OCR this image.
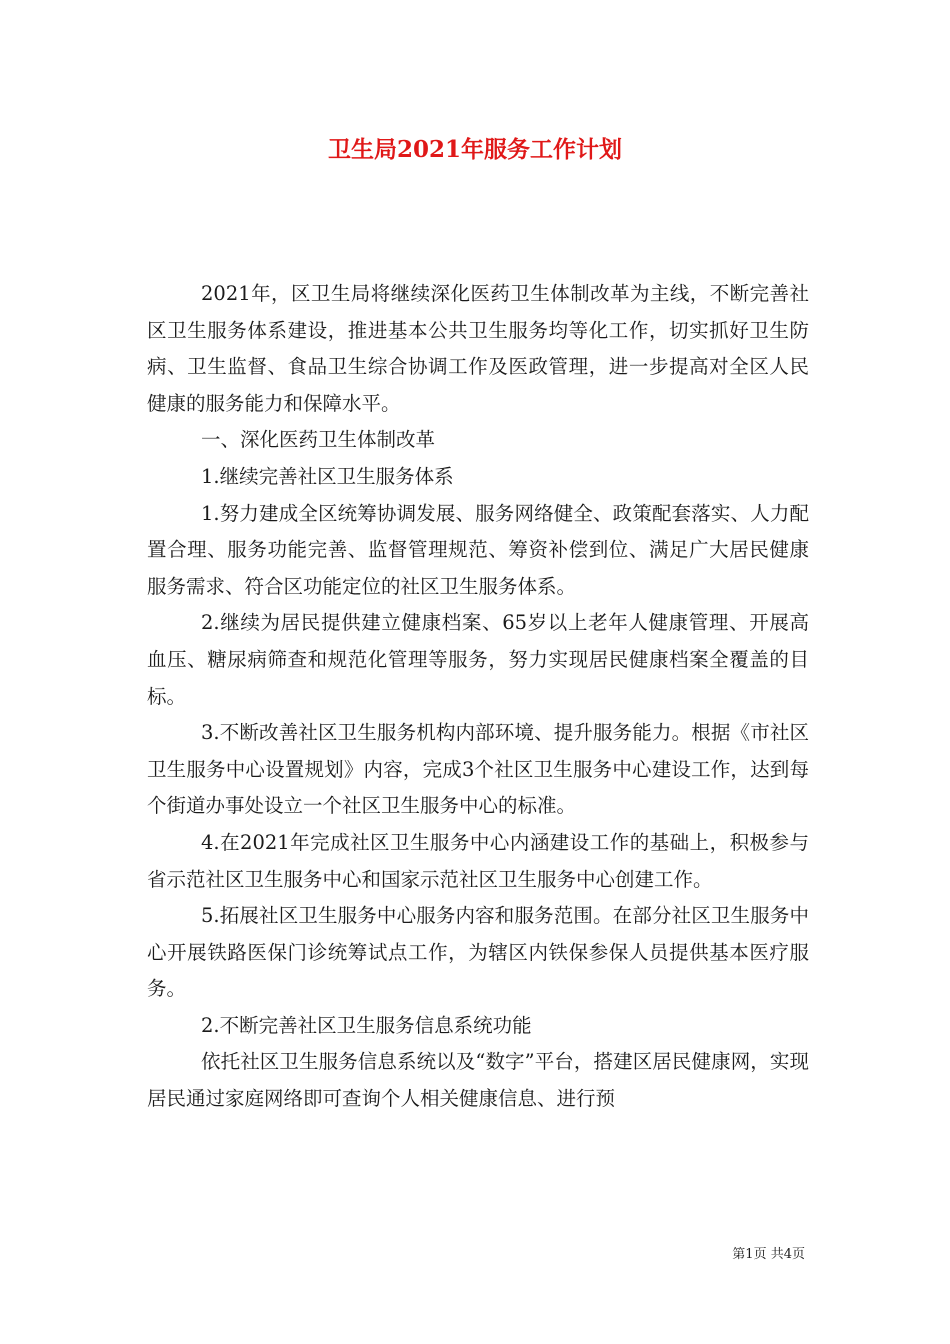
卫生局2021年服务工作计划

2021年，区卫生局将继续深化医药卫生体制改革为主线，不断完善社区卫生服务体系建设，推进基本公共卫生服务均等化工作，切实抓好卫生防病、卫生监督、食品卫生综合协调工作及医政管理，进一步提高对全区人民健康的服务能力和保障水平。

一、深化医药卫生体制改革

1.继续完善社区卫生服务体系

1.努力建成全区统筹协调发展、服务网络健全、政策配套落实、人力配置合理、服务功能完善、监督管理规范、筹资补偿到位、满足广大居民健康服务需求、符合区功能定位的社区卫生服务体系。

2.继续为居民提供建立健康档案、65岁以上老年人健康管理、开展高血压、糖尿病筛查和规范化管理等服务，努力实现居民健康档案全覆盖的目标。

3.不断改善社区卫生服务机构内部环境、提升服务能力。根据《市社区卫生服务中心设置规划》内容，完成3个社区卫生服务中心建设工作，达到每个街道办事处设立一个社区卫生服务中心的标准。

4.在2021年完成社区卫生服务中心内涵建设工作的基础上，积极参与省示范社区卫生服务中心和国家示范社区卫生服务中心创建工作。

5.拓展社区卫生服务中心服务内容和服务范围。在部分社区卫生服务中心开展铁路医保门诊统筹试点工作，为辖区内铁保参保人员提供基本医疗服务。

2.不断完善社区卫生服务信息系统功能

依托社区卫生服务信息系统以及“数字”平台，搭建区居民健康网，实现居民通过家庭网络即可查询个人相关健康信息、进行预

第1页 共4页
